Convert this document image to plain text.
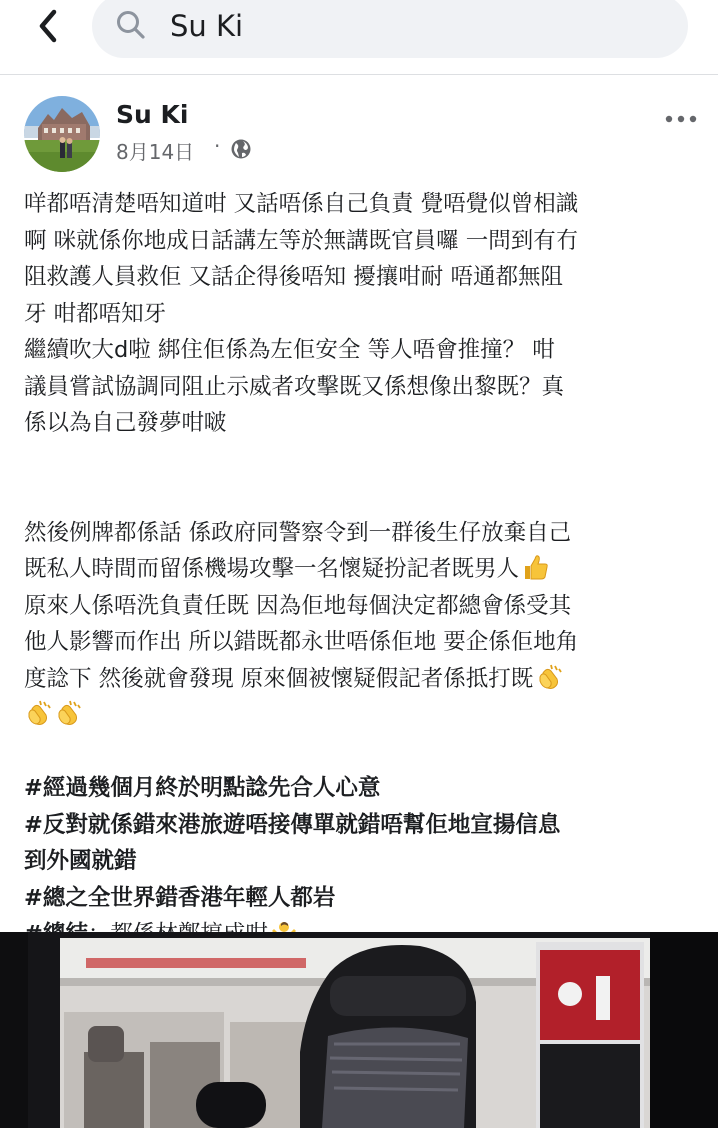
Su Ki
Su Ki
8月14日 ·

咩都唔清楚唔知道咁 又話唔係自己負責 覺唔覺似曾相識

啊 咪就係你地成日話講左等於無講既官員囉 一問到有冇

阻救護人員救佢 又話企得後唔知 擾攘咁耐 唔通都無阻

牙 咁都唔知牙

繼續吹大d啦 綁住佢係為左佢安全 等人唔會推撞？ 咁

議員嘗試協調同阻止示威者攻擊既又係想像出黎既？真

係以為自己發夢咁啵

然後例牌都係話 係政府同警察令到一群後生仔放棄自己

既私人時間而留係機場攻擊一名懷疑扮記者既男人

原來人係唔洗負責任既 因為佢地每個決定都總會係受其

他人影響而作出 所以錯既都永世唔係佢地 要企係佢地角

度諗下 然後就會發現 原來個被懷疑假記者係抵打既

#經過幾個月終於明點諗先合人心意

#反對就係錯來港旅遊唔接傳單就錯唔幫佢地宣揚信息

到外國就錯

#總之全世界錯香港年輕人都岩
